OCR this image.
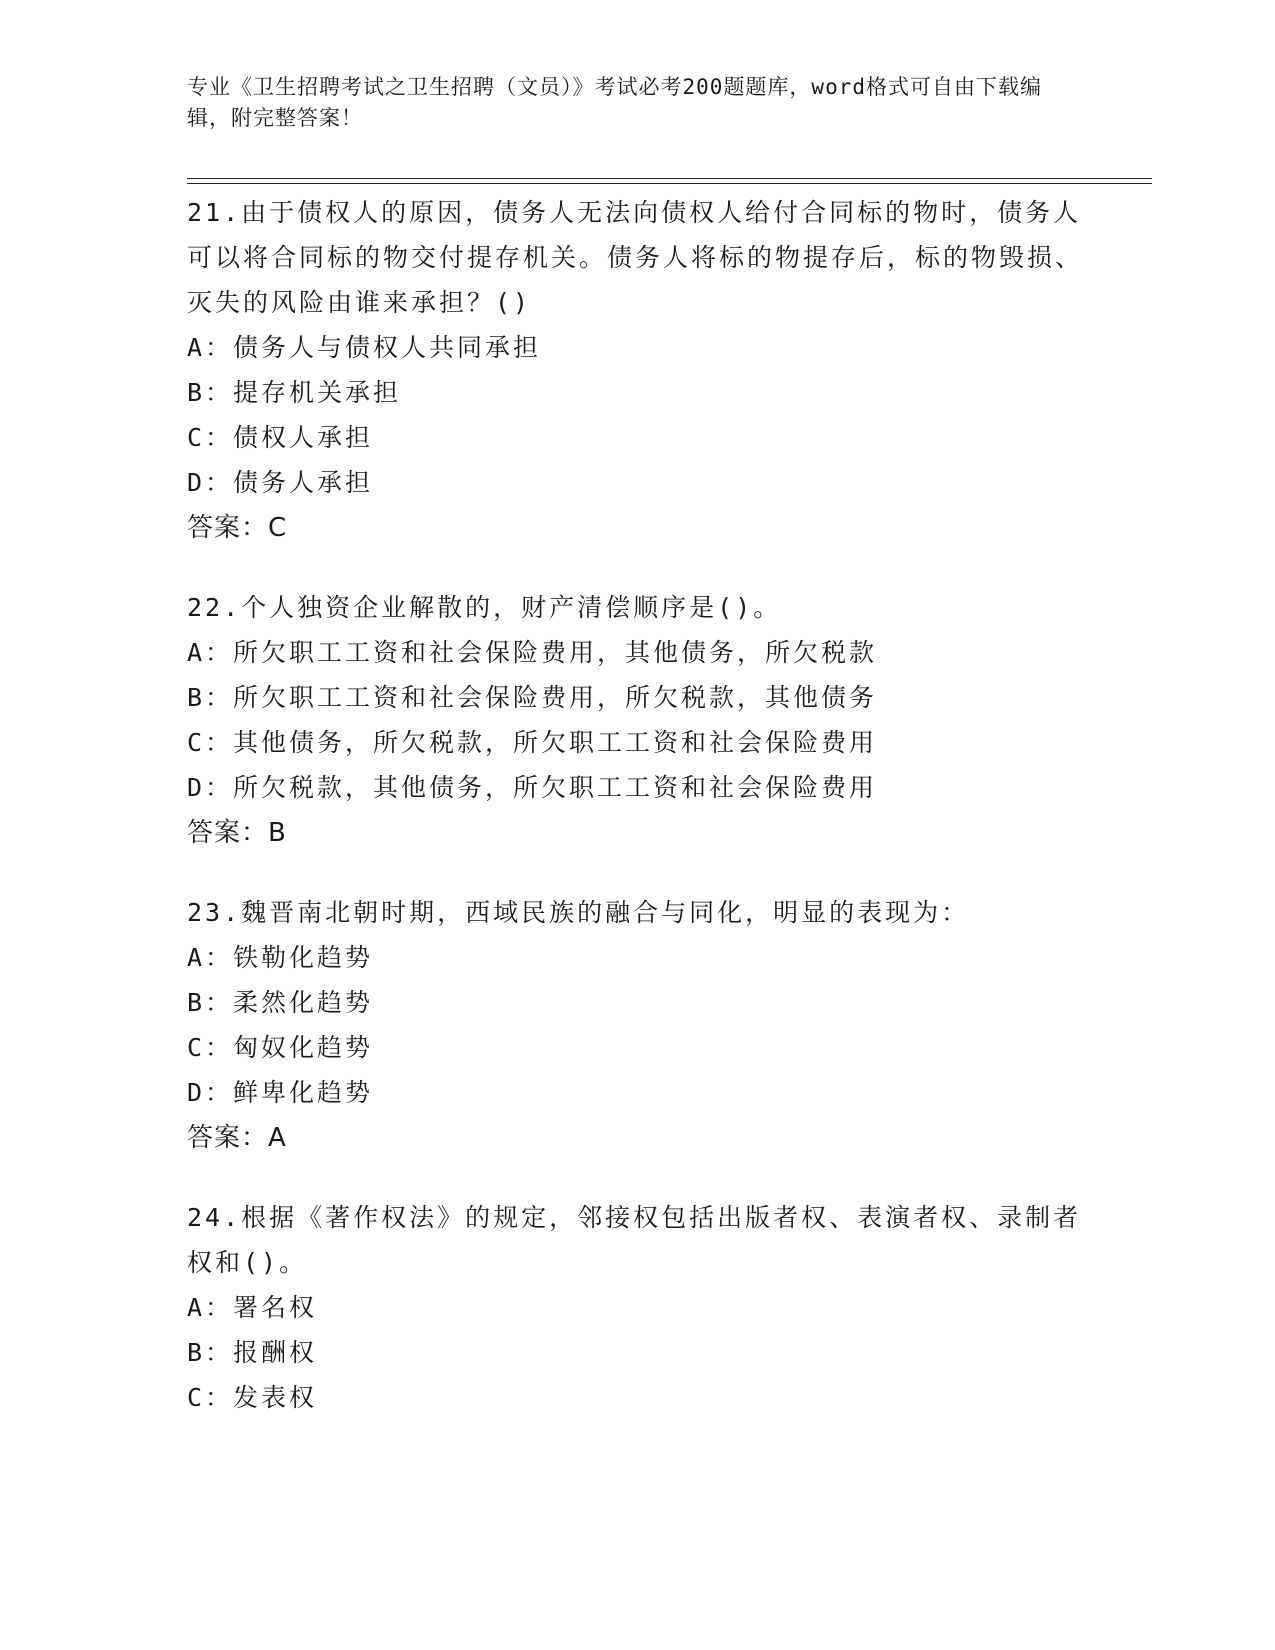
专业《卫生招聘考试之卫生招聘（文员）》考试必考200题题库，word格式可自由下载编辑，附完整答案！

21.由于债权人的原因，债务人无法向债权人给付合同标的物时，债务人可以将合同标的物交付提存机关。债务人将标的物提存后，标的物毁损、灭失的风险由谁来承担？()

A：债务人与债权人共同承担

B：提存机关承担

C：债权人承担

D：债务人承担

答案：C

22.个人独资企业解散的，财产清偿顺序是()。

A：所欠职工工资和社会保险费用，其他债务，所欠税款

B：所欠职工工资和社会保险费用，所欠税款，其他债务

C：其他债务，所欠税款，所欠职工工资和社会保险费用

D：所欠税款，其他债务，所欠职工工资和社会保险费用

答案：B

23.魏晋南北朝时期，西域民族的融合与同化，明显的表现为：

A：铁勒化趋势

B：柔然化趋势

C：匈奴化趋势

D：鲜卑化趋势

答案：A

24.根据《著作权法》的规定，邻接权包括出版者权、表演者权、录制者权和()。

A：署名权

B：报酬权

C：发表权
